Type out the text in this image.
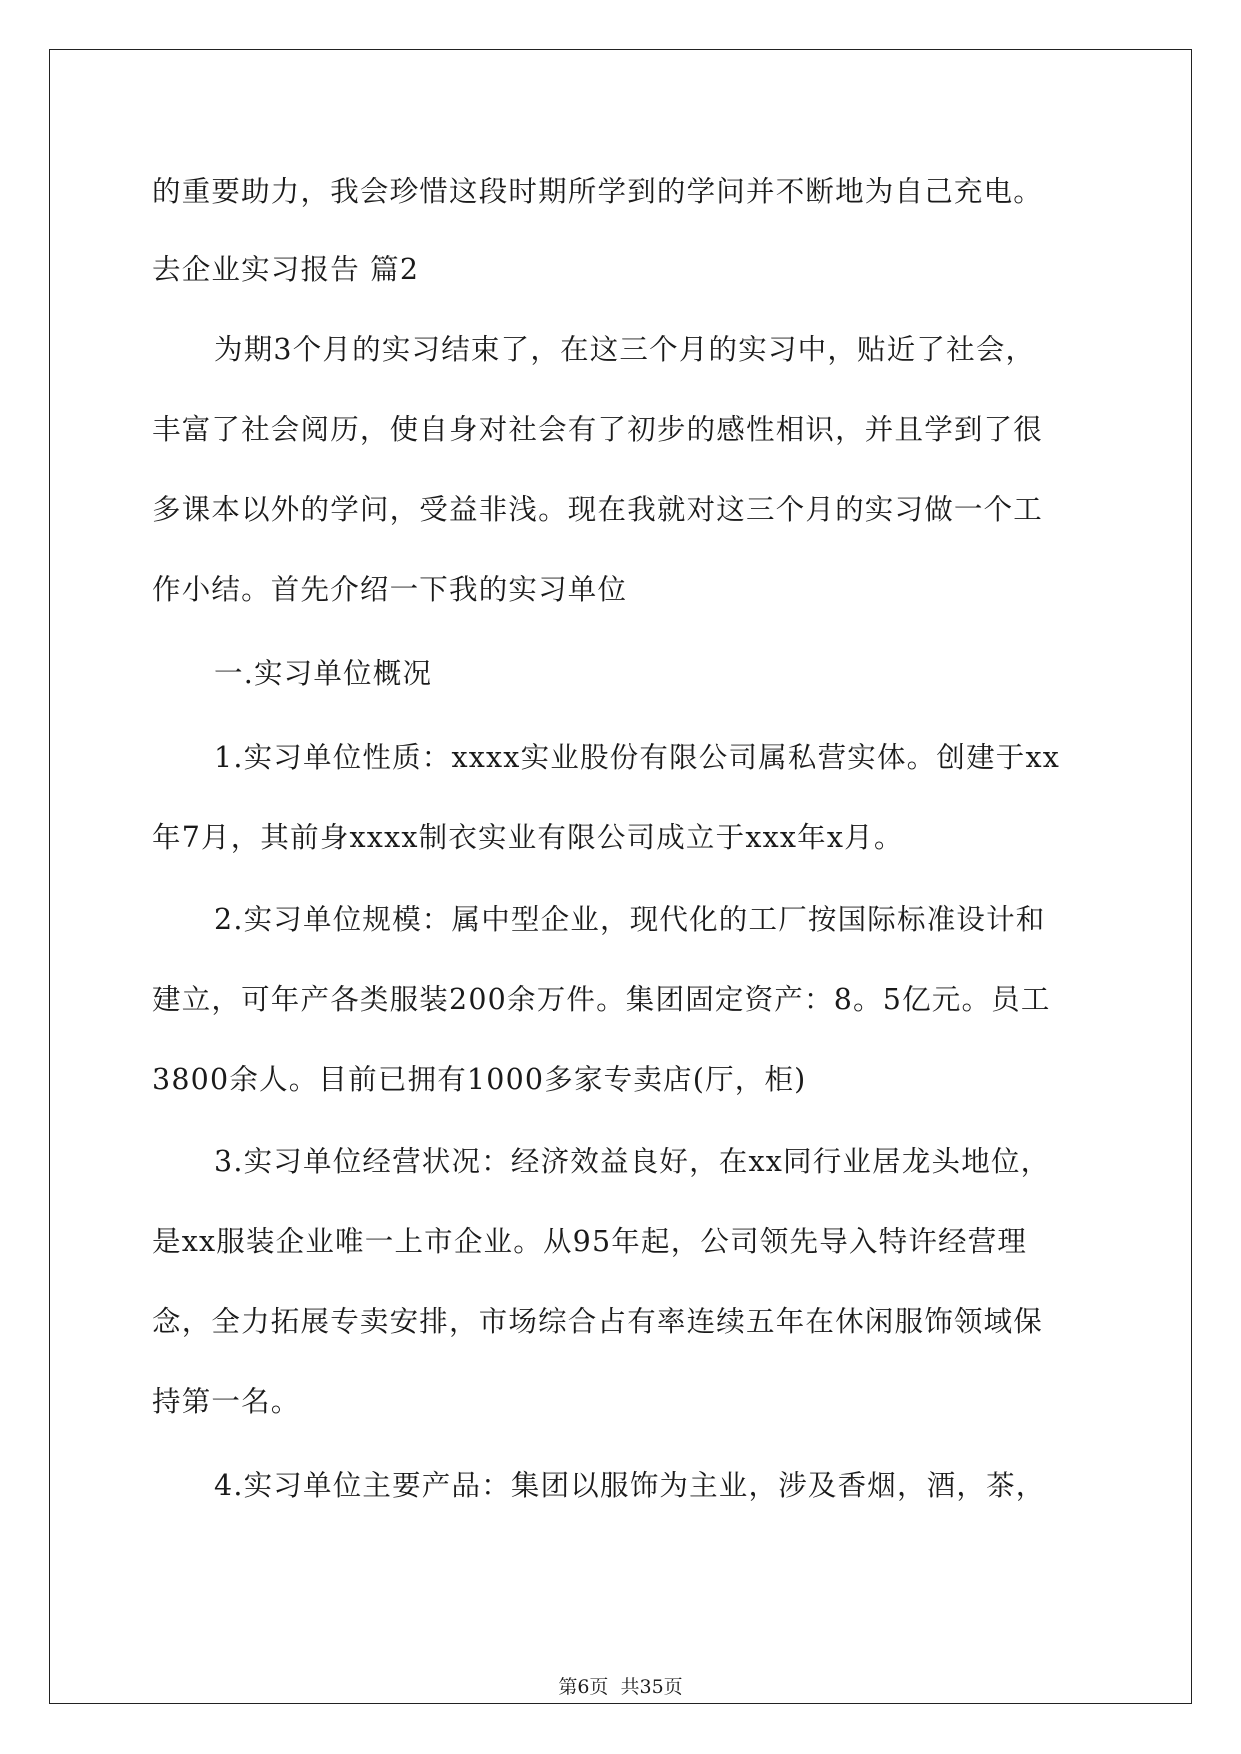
的重要助力，我会珍惜这段时期所学到的学问并不断地为自己充电。
去企业实习报告 篇2
为期3个月的实习结束了，在这三个月的实习中，贴近了社会，
丰富了社会阅历，使自身对社会有了初步的感性相识，并且学到了很
多课本以外的学问，受益非浅。现在我就对这三个月的实习做一个工
作小结。首先介绍一下我的实习单位
一.实习单位概况
1.实习单位性质：xxxx实业股份有限公司属私营实体。创建于xx
年7月，其前身xxxx制衣实业有限公司成立于xxx年x月。
2.实习单位规模：属中型企业，现代化的工厂按国际标准设计和
建立，可年产各类服装200余万件。集团固定资产：8。5亿元。员工
3800余人。目前已拥有1000多家专卖店(厅，柜)
3.实习单位经营状况：经济效益良好，在xx同行业居龙头地位，
是xx服装企业唯一上市企业。从95年起，公司领先导入特许经营理
念，全力拓展专卖安排，市场综合占有率连续五年在休闲服饰领域保
持第一名。
4.实习单位主要产品：集团以服饰为主业，涉及香烟，酒，茶，
第6页  共35页
